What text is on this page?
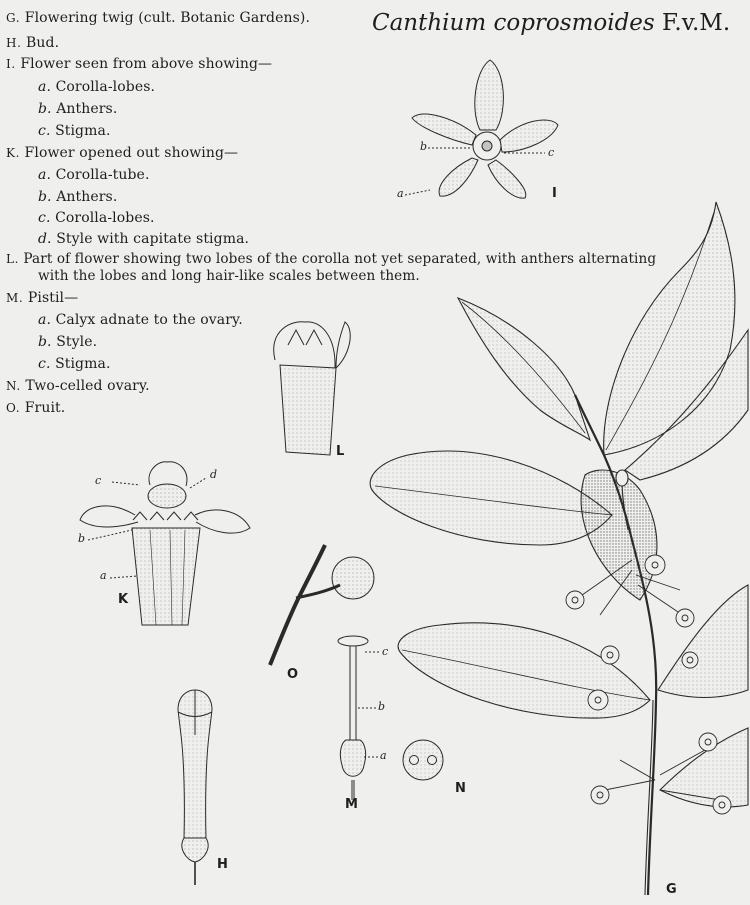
Canthium coprosmoides F.v.M.
G. Flowering twig (cult. Botanic Gardens).
H. Bud.
I. Flower seen from above showing—
a. Corolla-lobes.
b. Anthers.
c. Stigma.
K. Flower opened out showing—
a. Corolla-tube.
b. Anthers.
c. Corolla-lobes.
d. Style with capitate stigma.
L. Part of flower showing two lobes of the corolla not yet separated, with anthers alternating
with the lobes and long hair-like scales between them.
M. Pistil—
a. Calyx adnate to the ovary.
b. Style.
c. Stigma.
N. Two-celled ovary.
O. Fruit.
I
L
K
O
M
N
H
G
b	c
a
d
c
b
a
c
b
a
